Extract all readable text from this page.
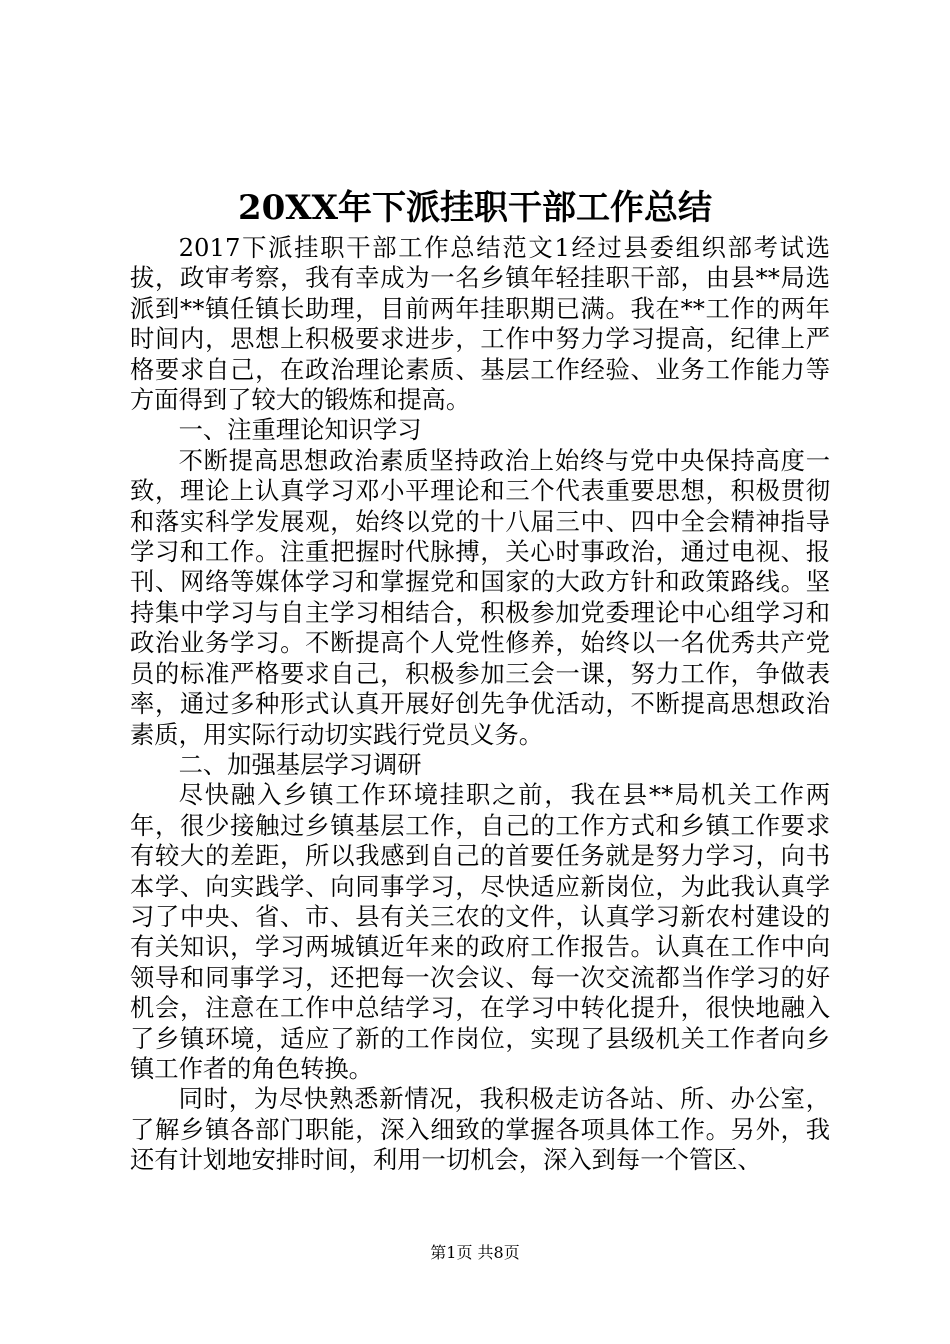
20XX年下派挂职干部工作总结

2017下派挂职干部工作总结范文1经过县委组织部考试选拔，政审考察，我有幸成为一名乡镇年轻挂职干部，由县**局选派到**镇任镇长助理，目前两年挂职期已满。我在**工作的两年时间内，思想上积极要求进步，工作中努力学习提高，纪律上严格要求自己，在政治理论素质、基层工作经验、业务工作能力等方面得到了较大的锻炼和提高。

一、注重理论知识学习

不断提高思想政治素质坚持政治上始终与党中央保持高度一致，理论上认真学习邓小平理论和三个代表重要思想，积极贯彻和落实科学发展观，始终以党的十八届三中、四中全会精神指导学习和工作。注重把握时代脉搏，关心时事政治，通过电视、报刊、网络等媒体学习和掌握党和国家的大政方针和政策路线。坚持集中学习与自主学习相结合，积极参加党委理论中心组学习和政治业务学习。不断提高个人党性修养，始终以一名优秀共产党员的标准严格要求自己，积极参加三会一课，努力工作，争做表率，通过多种形式认真开展好创先争优活动，不断提高思想政治素质，用实际行动切实践行党员义务。

二、加强基层学习调研

尽快融入乡镇工作环境挂职之前，我在县**局机关工作两年，很少接触过乡镇基层工作，自己的工作方式和乡镇工作要求有较大的差距，所以我感到自己的首要任务就是努力学习，向书本学、向实践学、向同事学习，尽快适应新岗位，为此我认真学习了中央、省、市、县有关三农的文件，认真学习新农村建设的有关知识，学习两城镇近年来的政府工作报告。认真在工作中向领导和同事学习，还把每一次会议、每一次交流都当作学习的好机会，注意在工作中总结学习，在学习中转化提升，很快地融入了乡镇环境，适应了新的工作岗位，实现了县级机关工作者向乡镇工作者的角色转换。

同时，为尽快熟悉新情况，我积极走访各站、所、办公室，了解乡镇各部门职能，深入细致的掌握各项具体工作。另外，我还有计划地安排时间，利用一切机会，深入到每一个管区、

第1页 共8页
